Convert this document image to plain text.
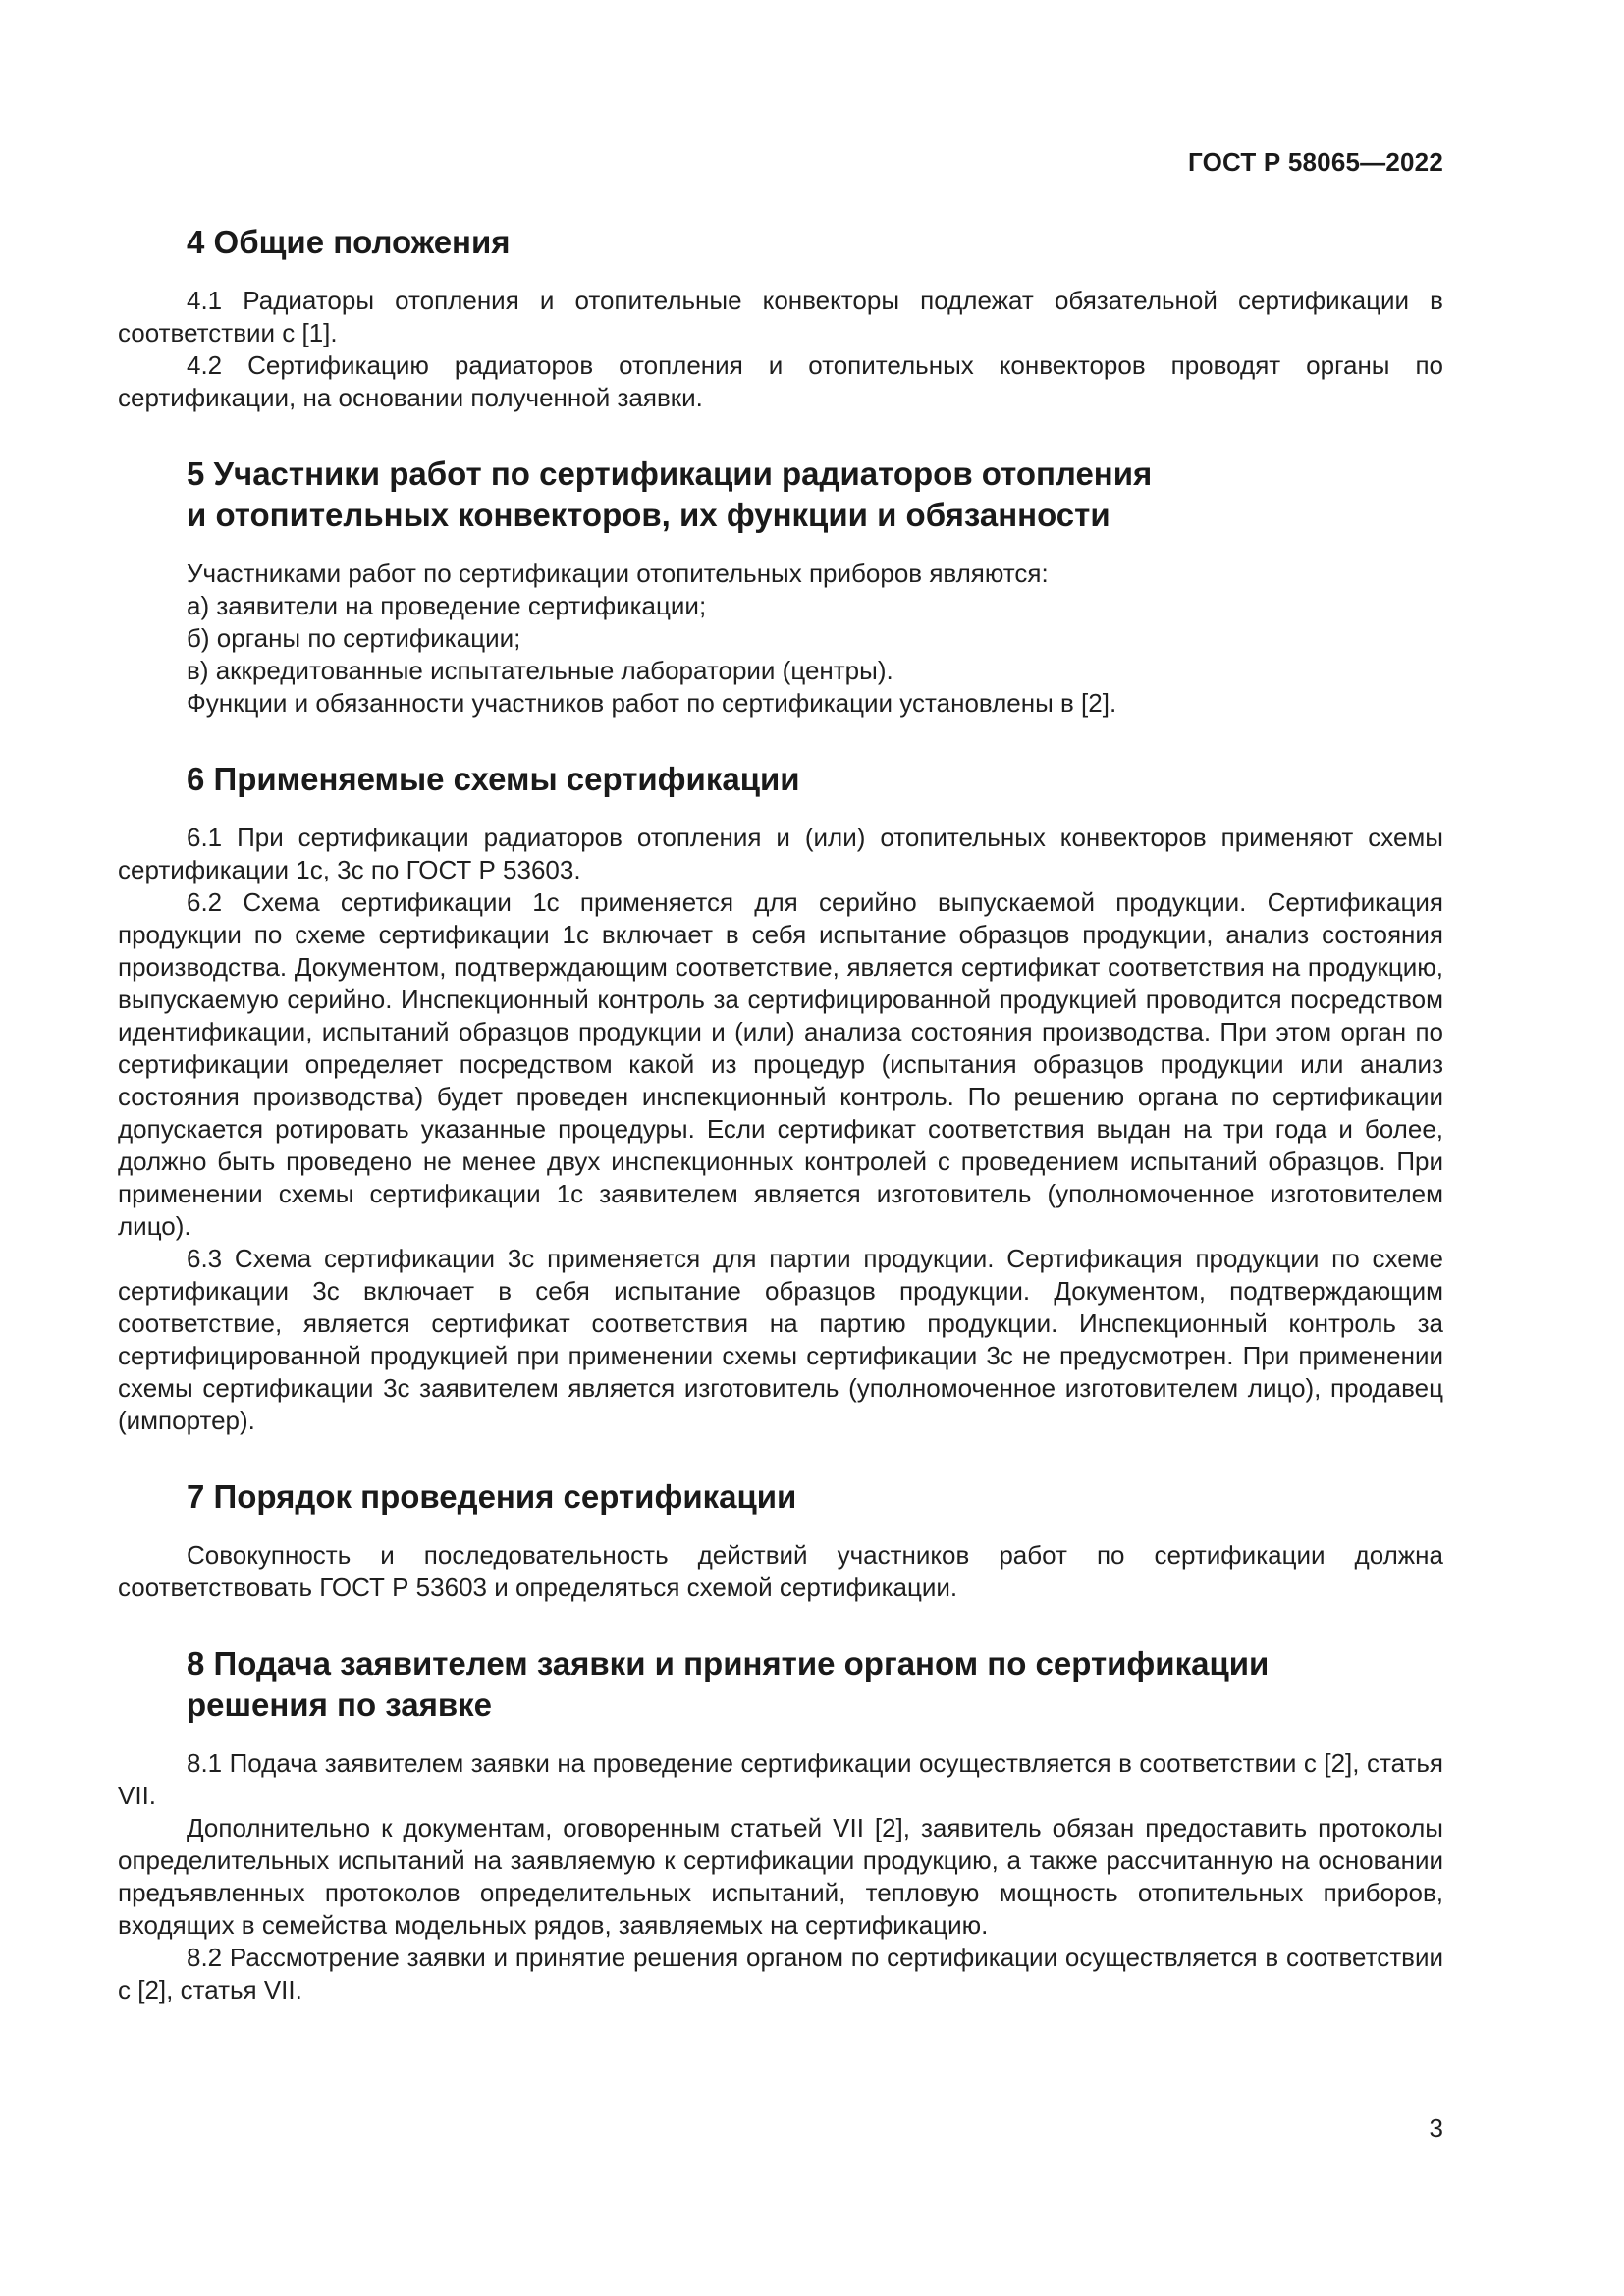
ГОСТ Р 58065—2022
4 Общие положения

4.1 Радиаторы отопления и отопительные конвекторы подлежат обязательной сертификации в соответствии с [1].

4.2 Сертификацию радиаторов отопления и отопительных конвекторов проводят органы по сертификации, на основании полученной заявки.

5 Участники работ по сертификации радиаторов отопления
и отопительных конвекторов, их функции и обязанности

Участниками работ по сертификации отопительных приборов являются:

а) заявители на проведение сертификации;

б) органы по сертификации;

в) аккредитованные испытательные лаборатории (центры).

Функции и обязанности участников работ по сертификации установлены в [2].

6 Применяемые схемы сертификации

6.1 При сертификации радиаторов отопления и (или) отопительных конвекторов применяют схемы сертификации 1с, 3с по ГОСТ Р 53603.

6.2 Схема сертификации 1с применяется для серийно выпускаемой продукции. Сертификация продукции по схеме сертификации 1с включает в себя испытание образцов продукции, анализ состояния производства. Документом, подтверждающим соответствие, является сертификат соответствия на продукцию, выпускаемую серийно. Инспекционный контроль за сертифицированной продукцией проводится посредством идентификации, испытаний образцов продукции и (или) анализа состояния производства. При этом орган по сертификации определяет посредством какой из процедур (испытания образцов продукции или анализ состояния производства) будет проведен инспекционный контроль. По решению органа по сертификации допускается ротировать указанные процедуры. Если сертификат соответствия выдан на три года и более, должно быть проведено не менее двух инспекционных контролей с проведением испытаний образцов. При применении схемы сертификации 1с заявителем является изготовитель (уполномоченное изготовителем лицо).

6.3 Схема сертификации 3с применяется для партии продукции. Сертификация продукции по схеме сертификации 3с включает в себя испытание образцов продукции. Документом, подтверждающим соответствие, является сертификат соответствия на партию продукции. Инспекционный контроль за сертифицированной продукцией при применении схемы сертификации 3с не предусмотрен. При применении схемы сертификации 3с заявителем является изготовитель (уполномоченное изготовителем лицо), продавец (импортер).

7 Порядок проведения сертификации

Совокупность и последовательность действий участников работ по сертификации должна соответствовать ГОСТ Р 53603 и определяться схемой сертификации.

8 Подача заявителем заявки и принятие органом по сертификации
решения по заявке

8.1 Подача заявителем заявки на проведение сертификации осуществляется в соответствии с [2], статья VII.

Дополнительно к документам, оговоренным статьей VII [2], заявитель обязан предоставить протоколы определительных испытаний на заявляемую к сертификации продукцию, а также рассчитанную на основании предъявленных протоколов определительных испытаний, тепловую мощность отопительных приборов, входящих в семейства модельных рядов, заявляемых на сертификацию.

8.2 Рассмотрение заявки и принятие решения органом по сертификации осуществляется в соответствии с [2], статья VII.

3
